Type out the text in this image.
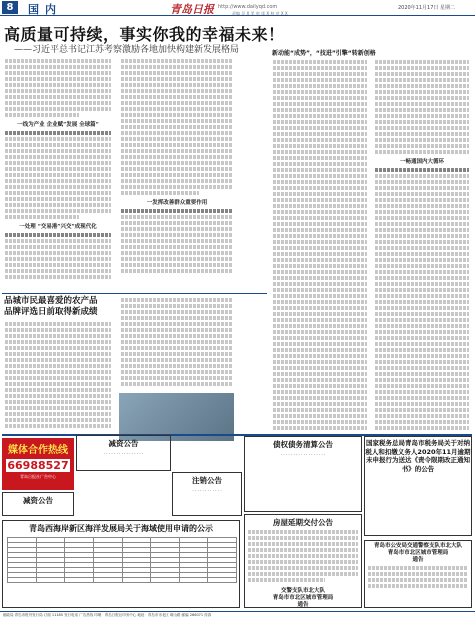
8	国内	青岛日报 http://www.dailyqd.com	2020年11月17日 星期二
责编 吴 X 美 审 读 X 校 对 X X
高质量可持续，事实你我的幸福未来！
——习近平总书记江苏考察激励各地加快构建新发展格局
一线为产业 企业赋“发展 全球篇”
一处理 “交易港”兴交”成现代化
一发挥改善群众重要作用
新动能“成势”，“技进”引擎“转新创格
一畅通国内大循环
品城市民最喜爱的农产品
品牌评选日前取得新成绩
媒体合作热线
66988527
青岛日报社广告中心
减资公告
· · · · · · · · · · · · · · · ·
减资公告
注销公告
· · · · · · · · · · · ·
债权债务清算公告
· · · · · · · · · · · · · · · · · ·
国家税务总局青岛市税务局关于对纳税人和扣缴义务人2020年11月逾期未申报行为送达《责令限期改正通知书》的公告
青岛西海岸新区海洋发展局关于海域使用申请的公示

房屋延期交付公告
交警支队市北大队
青岛市市北区城市管理局
通告
青岛市公安局交通警察支队市北大队
青岛市市北区城市管理局
通告
邮政局 青岛市报刊发行局 订阅 11185 发行电话 广告热线 印刷：青岛日报社印务中心 地址：青岛市市北区 崂山路 邮编 266071 传真
